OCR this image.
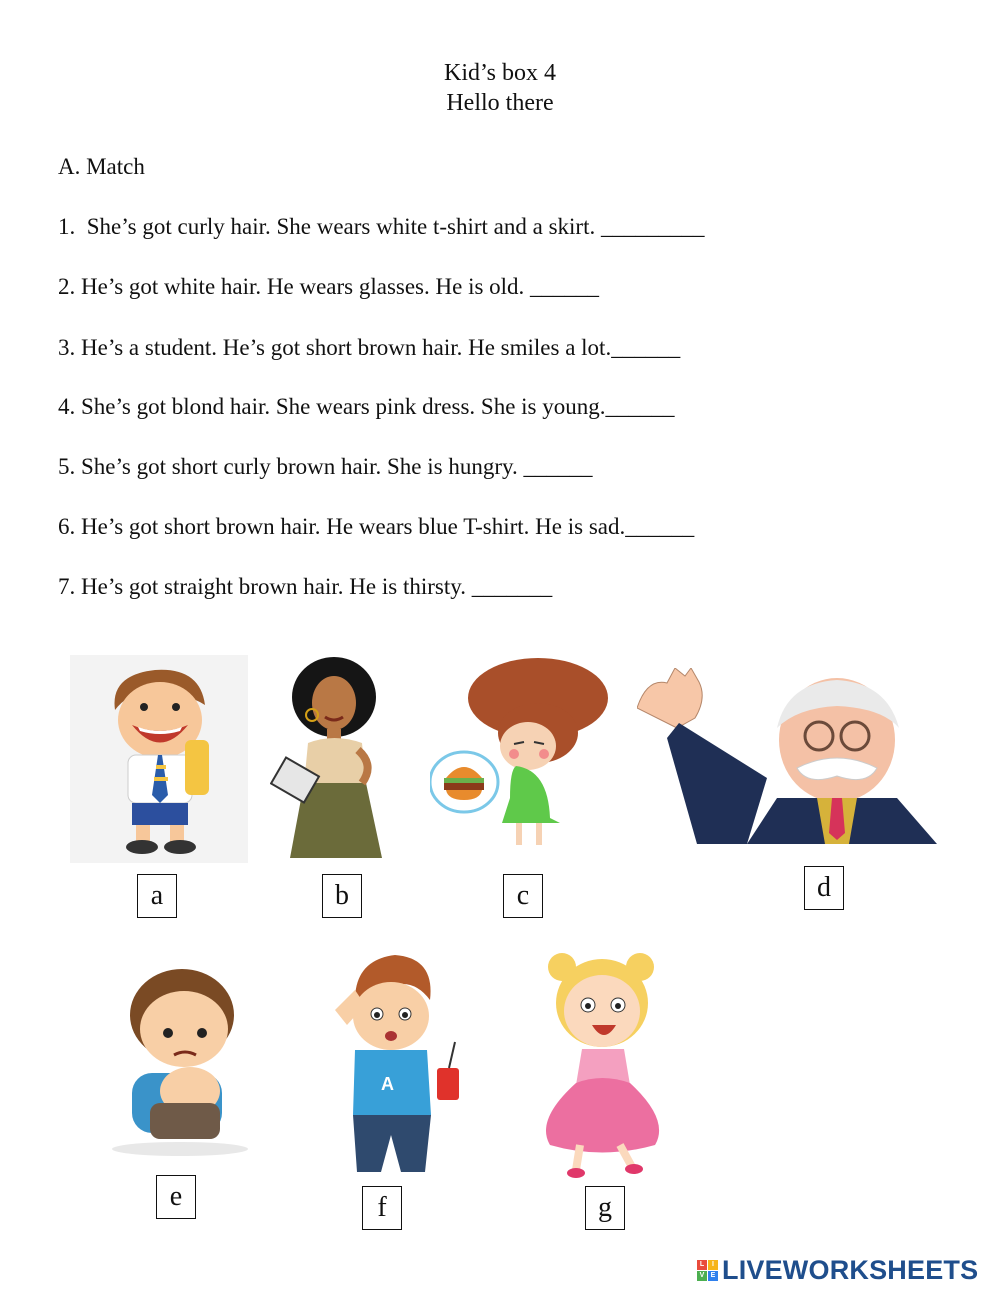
Kid’s box 4
Hello there
A. Match
1.  She’s got curly hair. She wears white t-shirt and a skirt. _________
2. He’s got white hair. He wears glasses. He is old. ______
3. He’s a student. He’s got short brown hair. He smiles a lot.______
4. She’s got blond hair. She wears pink dress. She is young.______
5. She’s got short curly brown hair. She is hungry. ______
6. He’s got short brown hair. He wears blue T-shirt. He is sad.______
7. He’s got straight brown hair. He is thirsty. _______
a	b	c	d
e
A
f	g
L	I
V E LIVEWORKSHEETS
